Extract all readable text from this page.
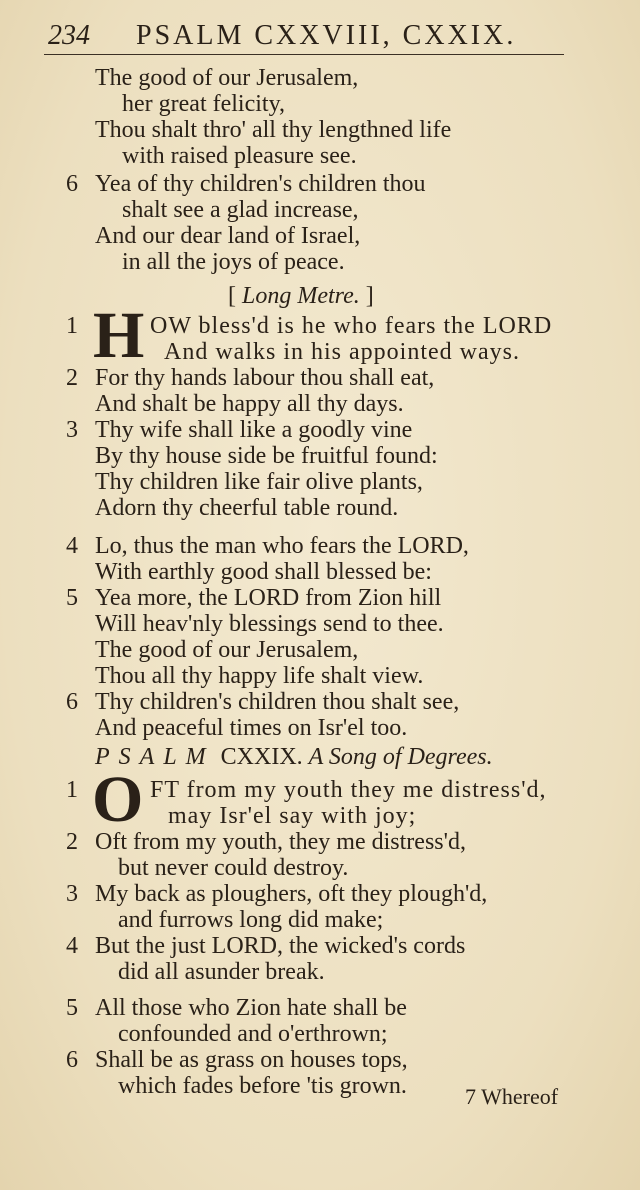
234 PSALM CXXVIII, CXXIX.
The good of our Jerusalem,
her great felicity,
Thou shalt thro' all thy lengthned life
with raised pleasure see.
6 Yea of thy children's children thou
shalt see a glad increase,
And our dear land of Israel,
in all the joys of peace.
[ Long Metre. ]
1 H OW bless'd is he who fears the LORD
And walks in his appointed ways.
2 For thy hands labour thou shall eat,
And shalt be happy all thy days.
3 Thy wife shall like a goodly vine
By thy house side be fruitful found:
Thy children like fair olive plants,
Adorn thy cheerful table round.
4 Lo, thus the man who fears the LORD,
With earthly good shall blessed be:
5 Yea more, the LORD from Zion hill
Will heav'nly blessings send to thee.
The good of our Jerusalem,
Thou all thy happy life shalt view.
6 Thy children's children thou shalt see,
And peaceful times on Isr'el too.
PSALM CXXIX. A Song of Degrees.
1 O FT from my youth they me distress'd,
may Isr'el say with joy;
2 Oft from my youth, they me distress'd,
but never could destroy.
3 My back as ploughers, oft they plough'd,
and furrows long did make;
4 But the just LORD, the wicked's cords
did all asunder break.
5 All those who Zion hate shall be
confounded and o'erthrown;
6 Shall be as grass on houses tops,
which fades before 'tis grown.	7 Whereof
